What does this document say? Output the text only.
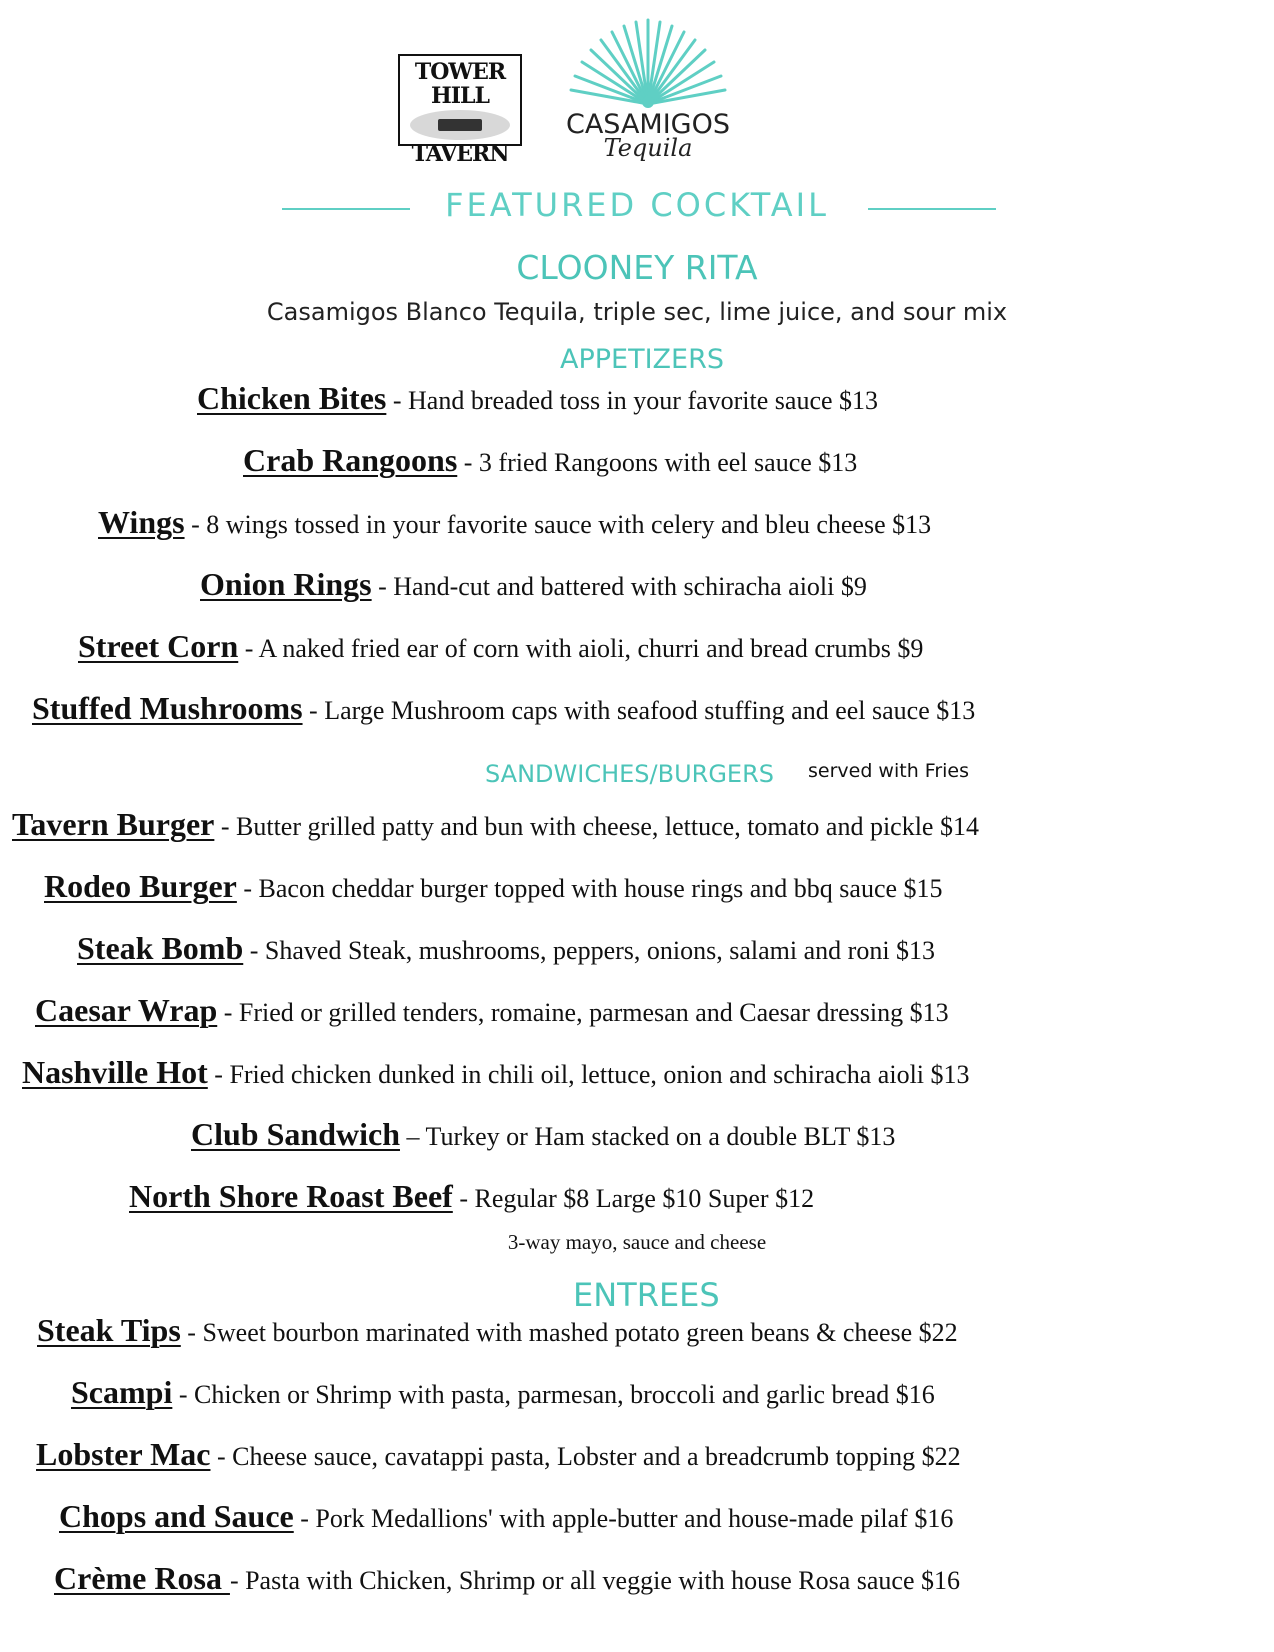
TOWER HILL
TAVERN
CASAMIGOS
Tequila
FEATURED COCKTAIL
CLOONEY RITA
Casamigos Blanco Tequila, triple sec, lime juice, and sour mix
APPETIZERS
Chicken Bites - Hand breaded toss in your favorite sauce $13
Crab Rangoons - 3 fried Rangoons with eel sauce $13
Wings - 8 wings tossed in your favorite sauce with celery and bleu cheese $13
Onion Rings - Hand-cut and battered with schiracha aioli $9
Street Corn - A naked fried ear of corn with aioli, churri and bread crumbs $9
Stuffed Mushrooms - Large Mushroom caps with seafood stuffing and eel sauce $13
SANDWICHES/BURGERS served with Fries
Tavern Burger - Butter grilled patty and bun with cheese, lettuce, tomato and pickle $14
Rodeo Burger - Bacon cheddar burger topped with house rings and bbq sauce $15
Steak Bomb - Shaved Steak, mushrooms, peppers, onions, salami and roni $13
Caesar Wrap - Fried or grilled tenders, romaine, parmesan and Caesar dressing $13
Nashville Hot - Fried chicken dunked in chili oil, lettuce, onion and schiracha aioli $13
Club Sandwich – Turkey or Ham stacked on a double BLT $13
North Shore Roast Beef - Regular $8 Large $10 Super $12
3-way mayo, sauce and cheese
ENTREES
Steak Tips - Sweet bourbon marinated with mashed potato green beans & cheese $22
Scampi - Chicken or Shrimp with pasta, parmesan, broccoli and garlic bread $16
Lobster Mac - Cheese sauce, cavatappi pasta, Lobster and a breadcrumb topping $22
Chops and Sauce - Pork Medallions' with apple-butter and house-made pilaf $16
Crème Rosa - Pasta with Chicken, Shrimp or all veggie with house Rosa sauce $16
